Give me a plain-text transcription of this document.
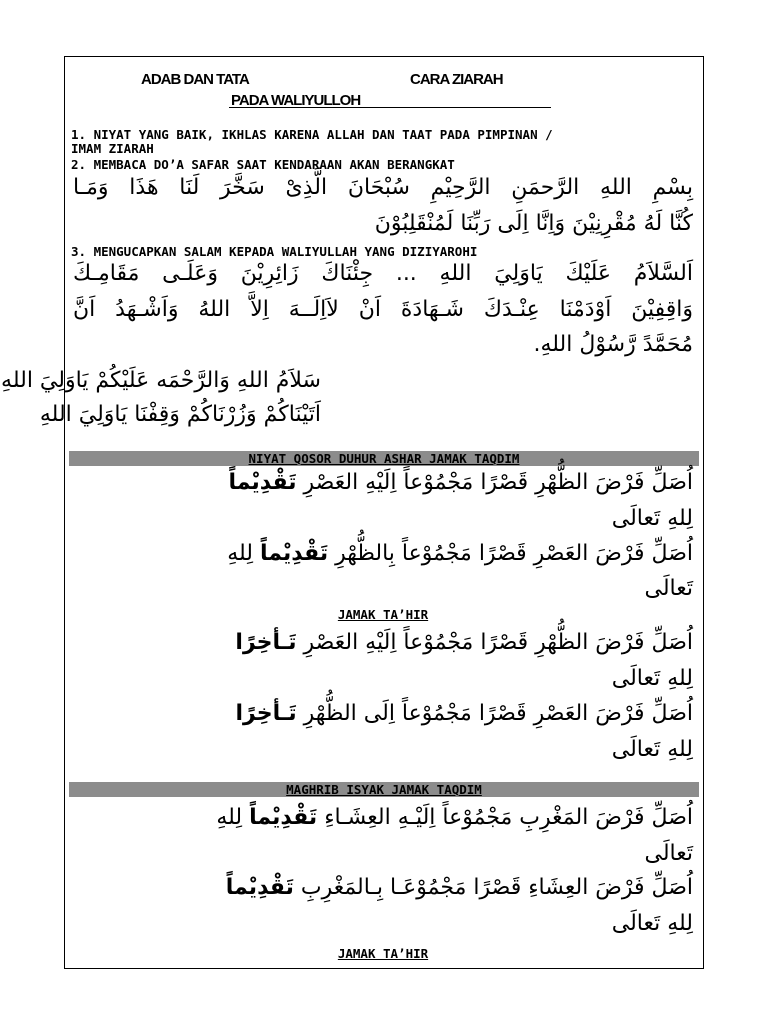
ADAB DAN TATA	CARA ZIARAH
PADA WALIYULLOH
1. NIYAT YANG BAIK, IKHLAS KARENA ALLAH DAN TAAT PADA PIMPINAN /
IMAM ZIARAH
2. MEMBACA DO’A SAFAR SAAT KENDARAAN AKAN BERANGKAT
بِسْمِ اللهِ الرَّحمَنِ الرَّحِيْمِ سُبْحَانَ الَّذِىْ سَخَّرَ لَنَا هَذَا وَمَـا
كُنَّا لَهُ مُقْرِنِيْنَ وَاِنَّا اِلَى رَبِّنَا لَمُنْقَلِبُوْنَ
3. MENGUCAPKAN SALAM KEPADA WALIYULLAH YANG DIZIYAROHI
اَلسَّلاَمُ عَلَيْكَ يَاوَلِيَ اللهِ ... جِئْنَاكَ زَائِرِيْنَ وَعَلَـى مَقَامِـكَ
وَاقِفِيْنَ اَوْدَمْنَا عِنْـدَكَ شَـهَادَةَ اَنْ لاَاِلَــهَ اِلاَّ اللهُ وَاَشْـهَدُ اَنَّ
مُحَمَّدً رَّسُوْلُ اللهِ.
سَلاَمُ اللهِ وَالرَّحْمَه عَلَيْكُمْ يَاوَلِيَ اللهِ
اَتَيْنَاكُمْ وَزُرْنَاكُمْ وَقِفْنَا يَاوَلِيَ اللهِ
NIYAT QOSOR DUHUR ASHAR JAMAK TAQDIM
اُصَلِّ فَرْضَ الظُّهْرِ قَصْرًا مَجْمُوْعاً اِلَيْهِ العَصْرِ تَقْدِيْماً
لِلهِ تَعالَى
اُصَلِّ فَرْضَ العَصْرِ قَصْرًا مَجْمُوْعاً بِالظُّهْرِ تَقْدِيْماً لِلهِ
تَعالَى
JAMAK TA’HIR
اُصَلِّ فَرْضَ الظُّهْرِ قَصْرًا مَجْمُوْعاً اِلَيْهِ العَصْرِ تَـأخِرًا
لِلهِ تَعالَى
اُصَلِّ فَرْضَ العَصْرِ قَصْرًا مَجْمُوْعاً اِلَى الظُّهْرِ تَـأخِرًا
لِلهِ تَعالَى
MAGHRIB ISYAK JAMAK TAQDIM
اُصَلِّ فَرْضَ المَغْرِبِ مَجْمُوْعاً اِلَيْـهِ العِشَـاءِ تَقْدِيْماً لِلهِ
تَعالَى
اُصَلِّ فَرْضَ العِشَاءِ قَصْرًا مَجْمُوْعَـا بِـالمَغْرِبِ تَقْدِيْماً
لِلهِ تَعالَى
JAMAK TA’HIR
